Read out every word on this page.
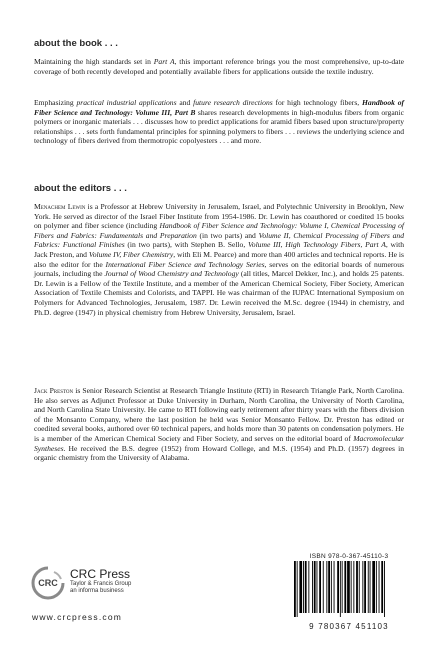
about the book . . .

Maintaining the high standards set in Part A, this important reference brings you the most comprehensive, up-to-date coverage of both recently developed and potentially available fibers for applications outside the textile industry.

Emphasizing practical industrial applications and future research directions for high technology fibers, Handbook of Fiber Science and Technology: Volume III, Part B shares research developments in high-modulus fibers from organic polymers or inorganic materials . . . discusses how to predict applications for aramid fibers based upon structure/property relationships . . . sets forth fundamental principles for spinning polymers to fibers . . . reviews the underlying science and technology of fibers derived from thermotropic copolyesters . . . and more.

about the editors . . .

Menachem Lewin is a Professor at Hebrew University in Jerusalem, Israel, and Polytechnic University in Brooklyn, New York. He served as director of the Israel Fiber Institute from 1954-1986. Dr. Lewin has coauthored or coedited 15 books on polymer and fiber science (including Handbook of Fiber Science and Technology: Volume I, Chemical Processing of Fibers and Fabrics: Fundamentals and Preparation (in two parts) and Volume II, Chemical Processing of Fibers and Fabrics: Functional Finishes (in two parts), with Stephen B. Sello, Volume III, High Technology Fibers, Part A, with Jack Preston, and Volume IV, Fiber Chemistry, with Eli M. Pearce) and more than 400 articles and technical reports. He is also the editor for the International Fiber Science and Technology Series, serves on the editorial boards of numerous journals, including the Journal of Wood Chemistry and Technology (all titles, Marcel Dekker, Inc.), and holds 25 patents. Dr. Lewin is a Fellow of the Textile Institute, and a member of the American Chemical Society, Fiber Society, American Association of Textile Chemists and Colorists, and TAPPI. He was chairman of the IUPAC International Symposium on Polymers for Advanced Technologies, Jerusalem, 1987. Dr. Lewin received the M.Sc. degree (1944) in chemistry, and Ph.D. degree (1947) in physical chemistry from Hebrew University, Jerusalem, Israel.

Jack Preston is Senior Research Scientist at Research Triangle Institute (RTI) in Research Triangle Park, North Carolina. He also serves as Adjunct Professor at Duke University in Durham, North Carolina, the University of North Carolina, and North Carolina State University. He came to RTI following early retirement after thirty years with the fibers division of the Monsanto Company, where the last position he held was Senior Monsanto Fellow. Dr. Preston has edited or coedited several books, authored over 60 technical papers, and holds more than 30 patents on condensation polymers. He is a member of the American Chemical Society and Fiber Society, and serves on the editorial board of Macromolecular Syntheses. He received the B.S. degree (1952) from Howard College, and M.S. (1954) and Ph.D. (1957) degrees in organic chemistry from the University of Alabama.

CRC
CRC Press
Taylor & Francis Group
an informa business
www.crcpress.com
ISBN 978-0-367-45110-3
9 780367 451103
